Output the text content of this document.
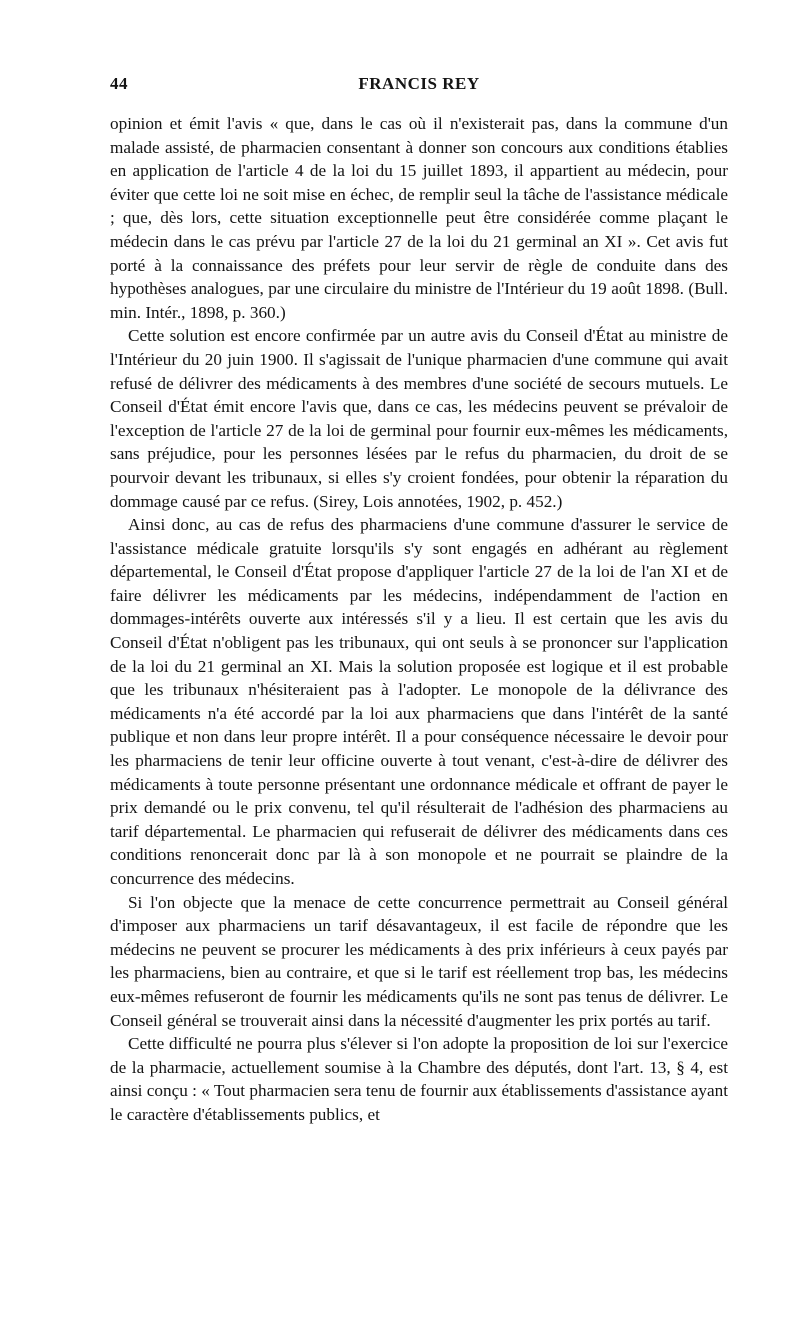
44	FRANCIS REY

opinion et émit l'avis « que, dans le cas où il n'existerait pas, dans la commune d'un malade assisté, de pharmacien consentant à donner son concours aux conditions établies en application de l'article 4 de la loi du 15 juillet 1893, il appartient au médecin, pour éviter que cette loi ne soit mise en échec, de remplir seul la tâche de l'assistance médicale ; que, dès lors, cette situation exceptionnelle peut être considérée comme plaçant le médecin dans le cas prévu par l'article 27 de la loi du 21 germinal an XI ». Cet avis fut porté à la connaissance des préfets pour leur servir de règle de conduite dans des hypothèses analogues, par une circulaire du ministre de l'Intérieur du 19 août 1898. (Bull. min. Intér., 1898, p. 360.)

Cette solution est encore confirmée par un autre avis du Conseil d'État au ministre de l'Intérieur du 20 juin 1900. Il s'agissait de l'unique pharmacien d'une commune qui avait refusé de délivrer des médicaments à des membres d'une société de secours mutuels. Le Conseil d'État émit encore l'avis que, dans ce cas, les médecins peuvent se prévaloir de l'exception de l'article 27 de la loi de germinal pour fournir eux-mêmes les médicaments, sans préjudice, pour les personnes lésées par le refus du pharmacien, du droit de se pourvoir devant les tribunaux, si elles s'y croient fondées, pour obtenir la réparation du dommage causé par ce refus. (Sirey, Lois annotées, 1902, p. 452.)

Ainsi donc, au cas de refus des pharmaciens d'une commune d'assurer le service de l'assistance médicale gratuite lorsqu'ils s'y sont engagés en adhérant au règlement départemental, le Conseil d'État propose d'appliquer l'article 27 de la loi de l'an XI et de faire délivrer les médicaments par les médecins, indépendamment de l'action en dommages-intérêts ouverte aux intéressés s'il y a lieu. Il est certain que les avis du Conseil d'État n'obligent pas les tribunaux, qui ont seuls à se prononcer sur l'application de la loi du 21 germinal an XI. Mais la solution proposée est logique et il est probable que les tribunaux n'hésiteraient pas à l'adopter. Le monopole de la délivrance des médicaments n'a été accordé par la loi aux pharmaciens que dans l'intérêt de la santé publique et non dans leur propre intérêt. Il a pour conséquence nécessaire le devoir pour les pharmaciens de tenir leur officine ouverte à tout venant, c'est-à-dire de délivrer des médicaments à toute personne présentant une ordonnance médicale et offrant de payer le prix demandé ou le prix convenu, tel qu'il résulterait de l'adhésion des pharmaciens au tarif départemental. Le pharmacien qui refuserait de délivrer des médicaments dans ces conditions renoncerait donc par là à son monopole et ne pourrait se plaindre de la concurrence des médecins.

Si l'on objecte que la menace de cette concurrence permettrait au Conseil général d'imposer aux pharmaciens un tarif désavantageux, il est facile de répondre que les médecins ne peuvent se procurer les médicaments à des prix inférieurs à ceux payés par les pharmaciens, bien au contraire, et que si le tarif est réellement trop bas, les médecins eux-mêmes refuseront de fournir les médicaments qu'ils ne sont pas tenus de délivrer. Le Conseil général se trouverait ainsi dans la nécessité d'augmenter les prix portés au tarif.

Cette difficulté ne pourra plus s'élever si l'on adopte la proposition de loi sur l'exercice de la pharmacie, actuellement soumise à la Chambre des députés, dont l'art. 13, § 4, est ainsi conçu : « Tout pharmacien sera tenu de fournir aux établissements d'assistance ayant le caractère d'établissements publics, et
